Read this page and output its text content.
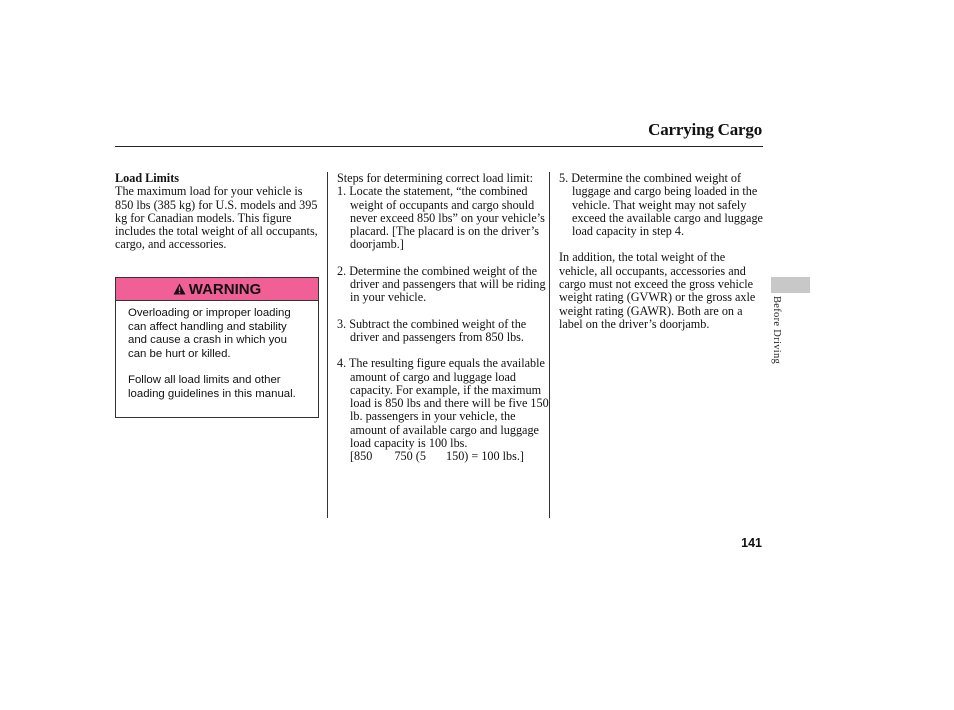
Carrying Cargo

Load Limits

The maximum load for your vehicle is 850 lbs (385 kg) for U.S. models and 395 kg for Canadian models. This figure includes the total weight of all occupants, cargo, and accessories.

WARNING

Overloading or improper loading can affect handling and stability and cause a crash in which you can be hurt or killed.

Follow all load limits and other loading guidelines in this manual.

Steps for determining correct load limit:

1. Locate the statement, “the combined weight of occupants and cargo should never exceed 850 lbs” on your vehicle’s placard. [The placard is on the driver’s doorjamb.]

2. Determine the combined weight of the driver and passengers that will be riding in your vehicle.

3. Subtract the combined weight of the driver and passengers from 850 lbs.

4. The resulting figure equals the available amount of cargo and luggage load capacity. For example, if the maximum load is 850 lbs and there will be five 150 lb. passengers in your vehicle, the amount of available cargo and luggage load capacity is 100 lbs.

[850 750 (5 150) = 100 lbs.]

5. Determine the combined weight of luggage and cargo being loaded in the vehicle. That weight may not safely exceed the available cargo and luggage load capacity in step 4.

In addition, the total weight of the vehicle, all occupants, accessories and cargo must not exceed the gross vehicle weight rating (GVWR) or the gross axle weight rating (GAWR). Both are on a label on the driver’s doorjamb.	Before Driving
141
